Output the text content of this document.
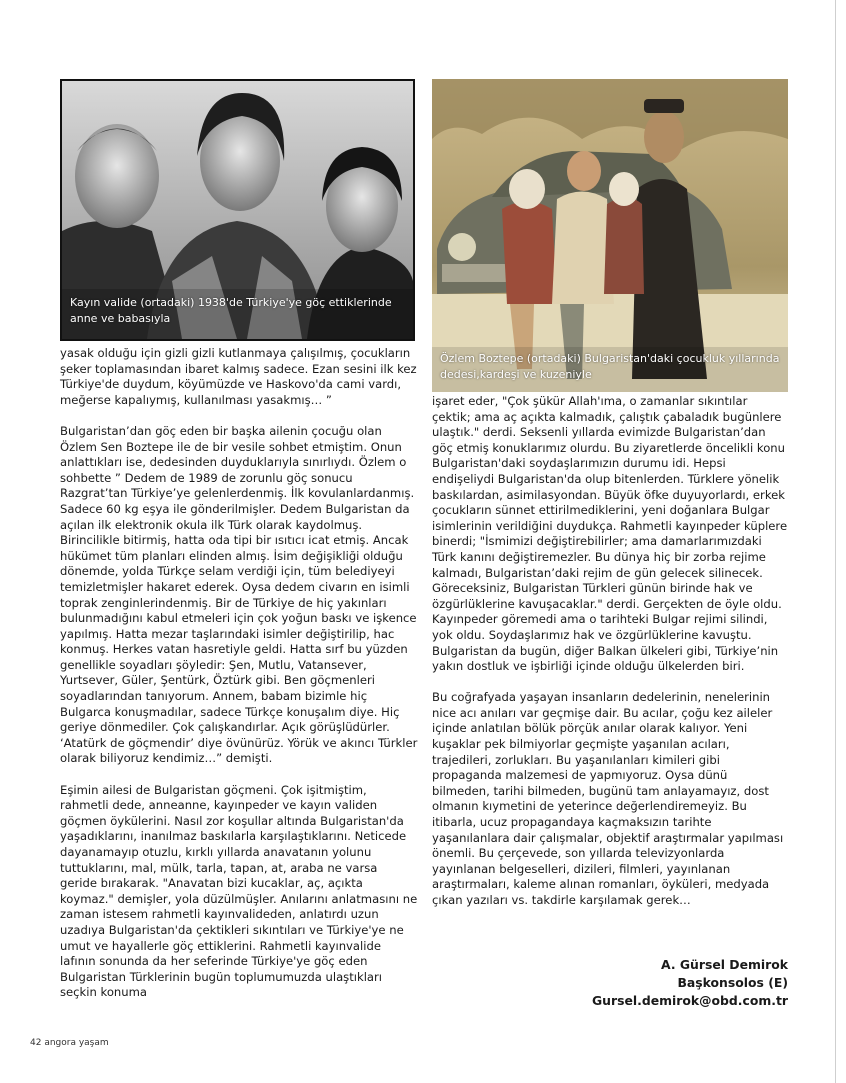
Kayın valide (ortadaki) 1938'de Türkiye'ye göç ettiklerinde anne ve babasıyla
Özlem Boztepe (ortadaki) Bulgaristan'daki çocukluk yıllarında dedesi,kardeşi ve kuzeniyle

yasak olduğu için gizli gizli kutlanmaya çalışılmış, çocukların şeker toplamasından ibaret kalmış sadece. Ezan sesini ilk kez Türkiye'de duydum, köyümüzde ve Haskovo'da cami vardı, meğerse kapalıymış, kullanılması yasakmış… ”

Bulgaristan’dan göç eden bir başka ailenin çocuğu olan Özlem Sen Boztepe ile de bir vesile sohbet etmiştim. Onun anlattıkları ise, dedesinden duyduklarıyla sınırlıydı. Özlem o sohbette ” Dedem de 1989 de zorunlu göç sonucu Razgrat’tan Türkiye’ye gelenlerdenmiş. İlk kovulanlardanmış. Sadece 60 kg eşya ile gönderilmişler. Dedem Bulgaristan da açılan ilk elektronik okula ilk Türk olarak kaydolmuş. Birincilikle bitirmiş, hatta oda tipi bir ısıtıcı icat etmiş. Ancak hükümet tüm planları elinden almış. İsim değişikliği olduğu dönemde, yolda Türkçe selam verdiği için, tüm belediyeyi temizletmişler hakaret ederek. Oysa dedem civarın en isimli toprak zenginlerindenmiş. Bir de Türkiye de hiç yakınları bulunmadığını kabul etmeleri için çok yoğun baskı ve işkence yapılmış. Hatta mezar taşlarındaki isimler değiştirilip, hac konmuş. Herkes vatan hasretiyle geldi. Hatta sırf bu yüzden genellikle soyadları şöyledir: Şen, Mutlu, Vatansever, Yurtsever, Güler, Şentürk, Öztürk gibi. Ben göçmenleri soyadlarından tanıyorum. Annem, babam bizimle hiç Bulgarca konuşmadılar, sadece Türkçe konuşalım diye. Hiç geriye dönmediler. Çok çalışkandırlar. Açık görüşlüdürler. ‘Atatürk de göçmendir’ diye övünürüz. Yörük ve akıncı Türkler olarak biliyoruz kendimiz…” demişti.

Eşimin ailesi de Bulgaristan göçmeni. Çok işitmiştim, rahmetli dede, anneanne, kayınpeder ve kayın validen göçmen öykülerini. Nasıl zor koşullar altında Bulgaristan'da yaşadıklarını, inanılmaz baskılarla karşılaştıklarını. Neticede dayanamayıp otuzlu, kırklı yıllarda anavatanın yolunu tuttuklarını, mal, mülk, tarla, tapan, at, araba ne varsa geride bırakarak. "Anavatan bizi kucaklar, aç, açıkta koymaz." demişler, yola düzülmüşler. Anılarını anlatmasını ne zaman istesem rahmetli kayınvalideden, anlatırdı uzun uzadıya Bulgaristan'da çektikleri sıkıntıları ve Türkiye'ye ne umut ve hayallerle göç ettiklerini. Rahmetli kayınvalide lafının sonunda da her seferinde Türkiye'ye göç eden Bulgaristan Türklerinin bugün toplumumuzda ulaştıkları seçkin konuma

işaret eder, "Çok şükür Allah'ıma, o zamanlar sıkıntılar çektik; ama aç açıkta kalmadık, çalıştık çabaladık bugünlere ulaştık." derdi. Seksenli yıllarda evimizde Bulgaristan’dan göç etmiş konuklarımız olurdu. Bu ziyaretlerde öncelikli konu Bulgaristan'daki soydaşlarımızın durumu idi. Hepsi endişeliydi Bulgaristan'da olup bitenlerden. Türklere yönelik baskılardan, asimilasyondan. Büyük öfke duyuyorlardı, erkek çocukların sünnet ettirilmediklerini, yeni doğanlara Bulgar isimlerinin verildiğini duydukça. Rahmetli kayınpeder küplere binerdi; "İsmimizi değiştirebilirler; ama damarlarımızdaki Türk kanını değiştiremezler. Bu dünya hiç bir zorba rejime kalmadı, Bulgaristan’daki rejim de gün gelecek silinecek. Göreceksiniz, Bulgaristan Türkleri günün birinde hak ve özgürlüklerine kavuşacaklar." derdi. Gerçekten de öyle oldu. Kayınpeder göremedi ama o tarihteki Bulgar rejimi silindi, yok oldu. Soydaşlarımız hak ve özgürlüklerine kavuştu. Bulgaristan da bugün, diğer Balkan ülkeleri gibi, Türkiye’nin yakın dostluk ve işbirliği içinde olduğu ülkelerden biri.

Bu coğrafyada yaşayan insanların dedelerinin, nenelerinin nice acı anıları var geçmişe dair. Bu acılar, çoğu kez aileler içinde anlatılan bölük pörçük anılar olarak kalıyor. Yeni kuşaklar pek bilmiyorlar geçmişte yaşanılan acıları, trajedileri, zorlukları. Bu yaşanılanları kimileri gibi propaganda malzemesi de yapmıyoruz. Oysa dünü bilmeden, tarihi bilmeden, bugünü tam anlayamayız, dost olmanın kıymetini de yeterince değerlendiremeyiz. Bu itibarla, ucuz propagandaya kaçmaksızın tarihte yaşanılanlara dair çalışmalar, objektif araştırmalar yapılması önemli. Bu çerçevede, son yıllarda televizyonlarda yayınlanan belgeselleri, dizileri, filmleri, yayınlanan araştırmaları, kaleme alınan romanları, öyküleri, medyada çıkan yazıları vs. takdirle karşılamak gerek…

A. Gürsel Demirok
Başkonsolos (E)
Gursel.demirok@obd.com.tr
42 angora yaşam
